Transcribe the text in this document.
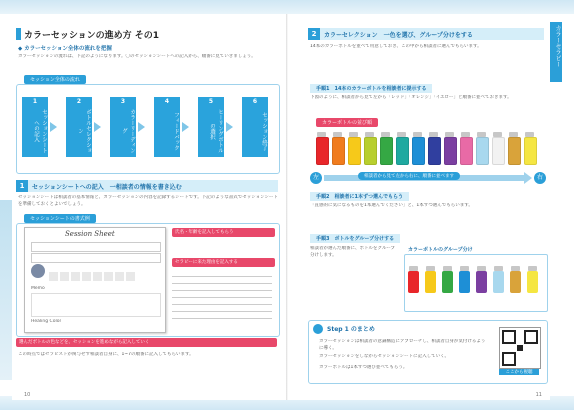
カラーセッションの進め方 その1
◆ カラーセッション全体の流れを把握
カラーセッションの流れは、下記のようになります。〇のセッションシートへの記入から、順番に見ていきましょう。
セッション全体の流れ
1
セッションシートへの記入
2
ボトルセレクション
3
カラーリーディング
4
フィードバック
5
ヒーリングボトルの選択
6
セッション終了
1	セッションシートへの記入　一相談者の情報を書き込む
セッションシートは相談者の基本情報と、カラーセッションの内容を記録するシートです。下記のような書式でセッションシートを準備しておくとよいでしょう。
セッションシートの書式例
Session Sheet
Memo
Healing Color
氏名・年齢を記入してもらう
セラピーに来た理由を記入する
選んだボトルの色などを、セッションを進めながら記入していく
この時点ではセラピストが関与せず相談者自身に、1~7の順番に記入してもらいます。
10
カラーセラピー
2	カラーセレクション　一色を選び、グループ分けをする
14本のカラーボトルを並べて用意しておき、この中から相談者に選んでもらいます。
手順1　14本のカラーボトルを相談者に提示する
下図のように、相談者から見て左から「レッド」「オレンジ」「イエロー」と順番に並べておきます。
カラーボトルの並び順
左	相談者から見て左から右に、順番に並べます	右
手順2　相談者に1本ずつ選んでもらう
「直感的に気になるものを1本選んでください」と、1本ずつ選んでもらいます。
手順3　ボトルをグループ分けする
相談者が選んだ順番に、ボトルをグループ分けします。
カラーボトルのグループ分け
Step 1 のまとめ
カラーセッションは相談者の意識構造にアプローチし、相談者自身が気付けるように導く。
カラーセッションをしながらセッションシートに記入していく。
カラーボトルは1本ずつ選び並べてもらう。
ここから視聴
11
